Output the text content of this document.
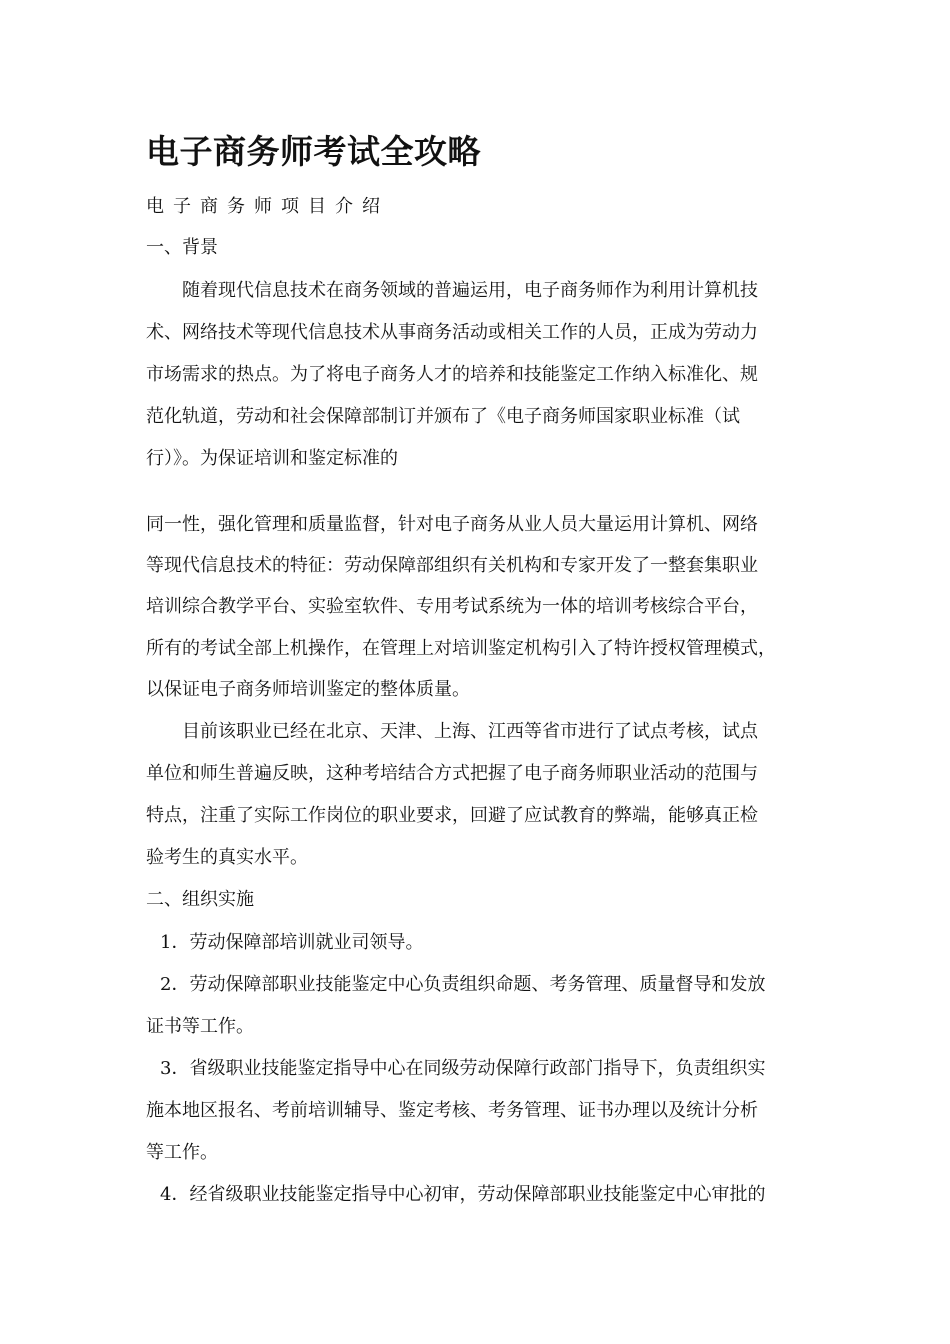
电子商务师考试全攻略
电子商务师项目介绍
一、背景
随着现代信息技术在商务领域的普遍运用，电子商务师作为利用计算机技
术、网络技术等现代信息技术从事商务活动或相关工作的人员，正成为劳动力
市场需求的热点。为了将电子商务人才的培养和技能鉴定工作纳入标准化、规
范化轨道，劳动和社会保障部制订并颁布了《电子商务师国家职业标准（试
行）》。为保证培训和鉴定标准的
同一性，强化管理和质量监督，针对电子商务从业人员大量运用计算机、网络
等现代信息技术的特征：劳动保障部组织有关机构和专家开发了一整套集职业
培训综合教学平台、实验室软件、专用考试系统为一体的培训考核综合平台，
所有的考试全部上机操作，在管理上对培训鉴定机构引入了特许授权管理模式，
以保证电子商务师培训鉴定的整体质量。
目前该职业已经在北京、天津、上海、江西等省市进行了试点考核，试点
单位和师生普遍反映，这种考培结合方式把握了电子商务师职业活动的范围与
特点，注重了实际工作岗位的职业要求，回避了应试教育的弊端，能够真正检
验考生的真实水平。
二、组织实施
1．劳动保障部培训就业司领导。
2．劳动保障部职业技能鉴定中心负责组织命题、考务管理、质量督导和发放
证书等工作。
3．省级职业技能鉴定指导中心在同级劳动保障行政部门指导下，负责组织实
施本地区报名、考前培训辅导、鉴定考核、考务管理、证书办理以及统计分析
等工作。
4．经省级职业技能鉴定指导中心初审，劳动保障部职业技能鉴定中心审批的
